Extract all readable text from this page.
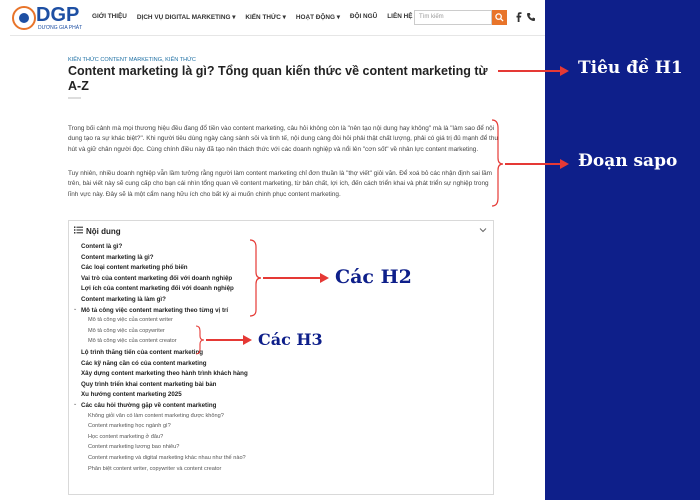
DGP
DƯƠNG GIA PHÁT
GIỚI THIỆU DỊCH VỤ DIGITAL MARKETING ▾ KIẾN THỨC ▾ HOẠT ĐỘNG ▾ ĐỘI NGŨ LIÊN HỆ	Tìm kiếm
KIẾN THỨC CONTENT MARKETING, KIẾN THỨC
Content marketing là gì? Tổng quan kiến thức về content marketing từ A-Z
Trong bối cảnh mà mọi thương hiệu đều đang đổ tiền vào content marketing, câu hỏi không còn là "nên tạo nội dung hay không" mà là "làm sao để nội dung tạo ra sự khác biệt?". Khi người tiêu dùng ngày càng sành sỏi và tinh tế, nội dung càng đòi hỏi phải thật chất lượng, phải có giá trị đủ mạnh để thu hút và giữ chân người đọc. Cùng chính điều này đã tạo nên thách thức với các doanh nghiệp và nổi lên "cơn sốt" về nhân lực content marketing.
Tuy nhiên, nhiều doanh nghiệp vẫn lầm tưởng rằng người làm content marketing chỉ đơn thuần là "thợ viết" giỏi văn. Để xoá bỏ các nhận định sai lầm trên, bài viết này sẽ cung cấp cho bạn cái nhìn tổng quan về content marketing, từ bản chất, lợi ích, đến cách triển khai và phát triển sự nghiệp trong lĩnh vực này. Đây sẽ là một cẩm nang hữu ích cho bất kỳ ai muốn chinh phục content marketing.
Nội dung
Content là gì?
Content marketing là gì?
Các loại content marketing phổ biến
Vai trò của content marketing đối với doanh nghiệp
Lợi ích của content marketing đối với doanh nghiệp
Content marketing là làm gì?
Mô tả công việc content marketing theo từng vị trí
⌄
Mô tả công việc của content writer
Mô tả công việc của copywriter
Mô tả công việc của content creator
Lộ trình thăng tiến của content marketing
Các kỹ năng cần có của content marketing
Xây dựng content marketing theo hành trình khách hàng
Quy trình triển khai content marketing bài bản
Xu hướng content marketing 2025
Các câu hỏi thường gặp về content marketing
⌄
Không giỏi văn có làm content marketing được không?
Content marketing học ngành gì?
Học content marketing ở đâu?
Content marketing lương bao nhiêu?
Content marketing và digital marketing khác nhau như thế nào?
Phân biệt content writer, copywriter và content creator
Tiêu đề H1
Đoạn sapo
Các H2
Các H3
